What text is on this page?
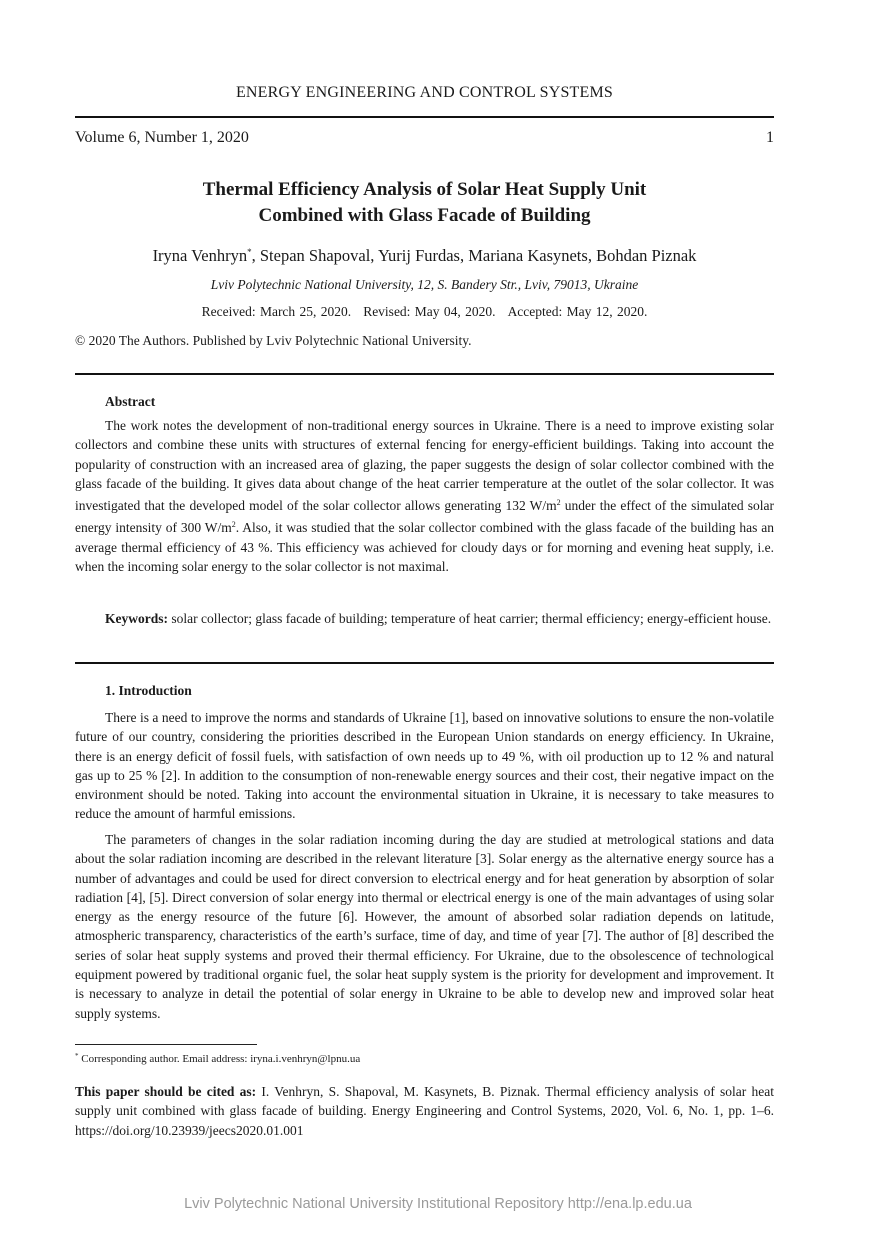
ENERGY ENGINEERING AND CONTROL SYSTEMS
Volume 6, Number 1, 2020	1
Thermal Efficiency Analysis of Solar Heat Supply Unit
Combined with Glass Facade of Building
Iryna Venhryn*, Stepan Shapoval, Yurij Furdas, Mariana Kasynets, Bohdan Piznak
Lviv Polytechnic National University, 12, S. Bandery Str., Lviv, 79013, Ukraine
Received: March 25, 2020. Revised: May 04, 2020. Accepted: May 12, 2020.
© 2020 The Authors. Published by Lviv Polytechnic National University.
Abstract

The work notes the development of non-traditional energy sources in Ukraine. There is a need to improve existing solar collectors and combine these units with structures of external fencing for energy-efficient buildings. Taking into account the popularity of construction with an increased area of glazing, the paper suggests the design of solar collector combined with the glass facade of the building. It gives data about change of the heat carrier temperature at the outlet of the solar collector. It was investigated that the developed model of the solar collector allows generating 132 $W/m^2$ under the effect of the simulated solar energy intensity of 300 $W/m^2$. Also, it was studied that the solar collector combined with the glass facade of the building has an average thermal efficiency of 43 %. This efficiency was achieved for cloudy days or for morning and evening heat supply, i.e. when the incoming solar energy to the solar collector is not maximal.

Keywords: solar collector; glass facade of building; temperature of heat carrier; thermal efficiency; energy-efficient house.

1. Introduction

There is a need to improve the norms and standards of Ukraine [1], based on innovative solutions to ensure the non-volatile future of our country, considering the priorities described in the European Union standards on energy efficiency. In Ukraine, there is an energy deficit of fossil fuels, with satisfaction of own needs up to 49 %, with oil production up to 12 % and natural gas up to 25 % [2]. In addition to the consumption of non-renewable energy sources and their cost, their negative impact on the environment should be noted. Taking into account the environmental situation in Ukraine, it is necessary to take measures to reduce the amount of harmful emissions.

The parameters of changes in the solar radiation incoming during the day are studied at metrological stations and data about the solar radiation incoming are described in the relevant literature [3]. Solar energy as the alternative energy source has a number of advantages and could be used for direct conversion to electrical energy and for heat generation by absorption of solar radiation [4], [5]. Direct conversion of solar energy into thermal or electrical energy is one of the main advantages of using solar energy as the energy resource of the future [6]. However, the amount of absorbed solar radiation depends on latitude, atmospheric transparency, characteristics of the earth’s surface, time of day, and time of year [7]. The author of [8] described the series of solar heat supply systems and proved their thermal efficiency. For Ukraine, due to the obsolescence of technological equipment powered by traditional organic fuel, the solar heat supply system is the priority for development and improvement. It is necessary to analyze in detail the potential of solar energy in Ukraine to be able to develop new and improved solar heat supply systems.

* Corresponding author. Email address: iryna.i.venhryn@lpnu.ua
This paper should be cited as: I. Venhryn, S. Shapoval, M. Kasynets, B. Piznak. Thermal efficiency analysis of solar heat supply unit combined with glass facade of building. Energy Engineering and Control Systems, 2020, Vol. 6, No. 1, pp. 1–6. https://doi.org/10.23939/jeecs2020.01.001
Lviv Polytechnic National University Institutional Repository http://ena.lp.edu.ua
